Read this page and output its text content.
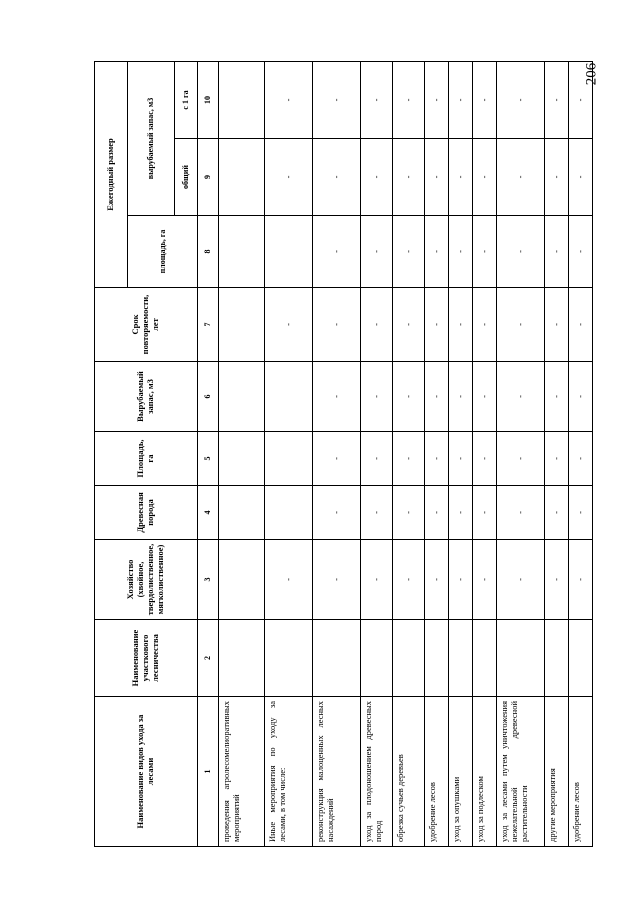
206
Наименование видов ухода за лесами	Наименование участкового лесничества	Хозяйство (хвойное, твердолиственное, мягколиственное)	Древесная порода	Площадь, га	Вырубаемый запас, м3	Срок повторяемости, лет	Ежегодный размер		
							площадь, га	вырубаемый запас, м3	
								общий	с 1 га
1	2	3	4	5	6	7	8	9	10
проведения агролесомелиоративных мероприятий									
Иные мероприятия по уходу за лесами, в том числе:		-				-		-	-
реконструкция малоценных лесных насаждений		-	-	-	-	-	-	-	-
уход за плодоношением древесных пород		-	-	-	-	-	-	-	-
обрезка сучьев деревьев		-	-	-	-	-	-	-	-
удобрение лесов		-	-	-	-	-	-	-	-
уход за опушками		-	-	-	-	-	-	-	-
уход за подлеском		-	-	-	-	-	-	-	-
уход за лесами путем уничтожения нежелательной древесной растительности		-	-	-	-	-	-	-	-
другие мероприятия		-	-	-	-	-	-	-	-
удобрение лесов		-	-	-	-	-	-	-	-
